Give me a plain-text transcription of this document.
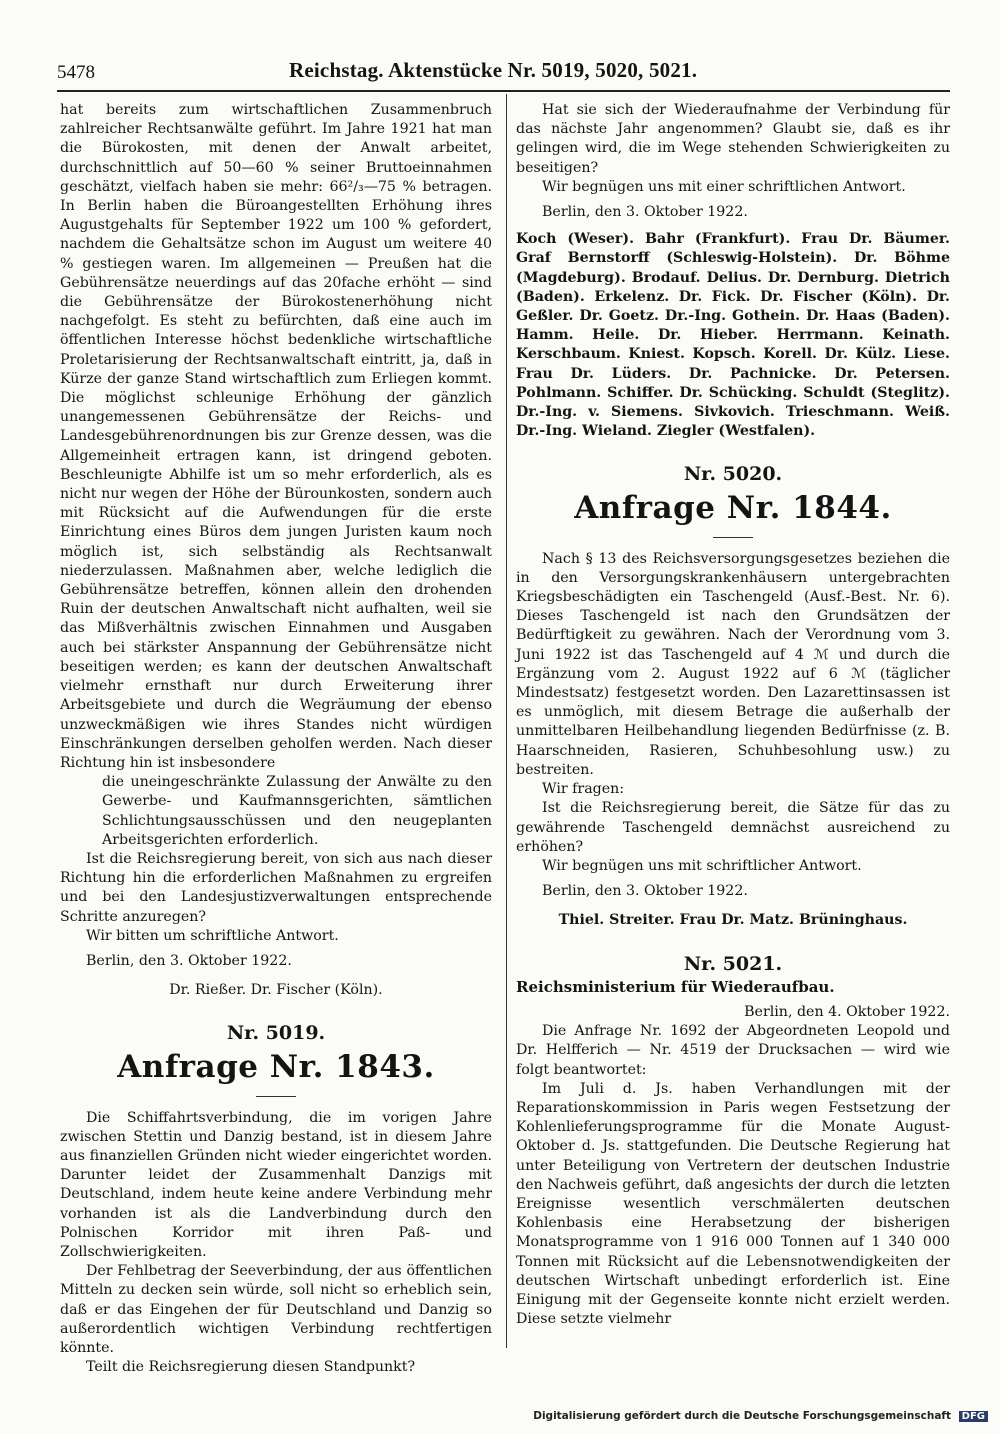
5478	Reichstag. Aktenstücke Nr. 5019, 5020, 5021.

hat bereits zum wirtschaftlichen Zusammenbruch zahlreicher Rechtsanwälte geführt. Im Jahre 1921 hat man die Bürokosten, mit denen der Anwalt arbeitet, durchschnittlich auf 50—60 % seiner Bruttoeinnahmen geschätzt, vielfach haben sie mehr: 66²/₃—75 % betragen. In Berlin haben die Büroangestellten Erhöhung ihres Augustgehalts für September 1922 um 100 % gefordert, nachdem die Gehaltsätze schon im August um weitere 40 % gestiegen waren. Im allgemeinen — Preußen hat die Gebührensätze neuerdings auf das 20fache erhöht — sind die Gebührensätze der Bürokostenerhöhung nicht nachgefolgt. Es steht zu befürchten, daß eine auch im öffentlichen Interesse höchst bedenkliche wirtschaftliche Proletarisierung der Rechtsanwaltschaft eintritt, ja, daß in Kürze der ganze Stand wirtschaftlich zum Erliegen kommt. Die möglichst schleunige Erhöhung der gänzlich unangemessenen Gebührensätze der Reichs- und Landesgebührenordnungen bis zur Grenze dessen, was die Allgemeinheit ertragen kann, ist dringend geboten. Beschleunigte Abhilfe ist um so mehr erforderlich, als es nicht nur wegen der Höhe der Bürounkosten, sondern auch mit Rücksicht auf die Aufwendungen für die erste Einrichtung eines Büros dem jungen Juristen kaum noch möglich ist, sich selbständig als Rechtsanwalt niederzulassen. Maßnahmen aber, welche lediglich die Gebührensätze betreffen, können allein den drohenden Ruin der deutschen Anwaltschaft nicht aufhalten, weil sie das Mißverhältnis zwischen Einnahmen und Ausgaben auch bei stärkster Anspannung der Gebührensätze nicht beseitigen werden; es kann der deutschen Anwaltschaft vielmehr ernsthaft nur durch Erweiterung ihrer Arbeitsgebiete und durch die Wegräumung der ebenso unzweckmäßigen wie ihres Standes nicht würdigen Einschränkungen derselben geholfen werden. Nach dieser Richtung hin ist insbesondere

die uneingeschränkte Zulassung der Anwälte zu den Gewerbe- und Kaufmannsgerichten, sämtlichen Schlichtungsausschüssen und den neugeplanten Arbeitsgerichten erforderlich.

Ist die Reichsregierung bereit, von sich aus nach dieser Richtung hin die erforderlichen Maßnahmen zu ergreifen und bei den Landesjustizverwaltungen entsprechende Schritte anzuregen?

Wir bitten um schriftliche Antwort.

Berlin, den 3. Oktober 1922.

Dr. Rießer. Dr. Fischer (Köln).

Nr. 5019.
Anfrage Nr. 1843.

Die Schiffahrtsverbindung, die im vorigen Jahre zwischen Stettin und Danzig bestand, ist in diesem Jahre aus finanziellen Gründen nicht wieder eingerichtet worden. Darunter leidet der Zusammenhalt Danzigs mit Deutschland, indem heute keine andere Verbindung mehr vorhanden ist als die Landverbindung durch den Polnischen Korridor mit ihren Paß- und Zollschwierigkeiten.

Der Fehlbetrag der Seeverbindung, der aus öffentlichen Mitteln zu decken sein würde, soll nicht so erheblich sein, daß er das Eingehen der für Deutschland und Danzig so außerordentlich wichtigen Verbindung rechtfertigen könnte.

Teilt die Reichsregierung diesen Standpunkt?

Hat sie sich der Wiederaufnahme der Verbindung für das nächste Jahr angenommen? Glaubt sie, daß es ihr gelingen wird, die im Wege stehenden Schwierigkeiten zu beseitigen?

Wir begnügen uns mit einer schriftlichen Antwort.

Berlin, den 3. Oktober 1922.

Koch (Weser). Bahr (Frankfurt). Frau Dr. Bäumer. Graf Bernstorff (Schleswig-Holstein). Dr. Böhme (Magdeburg). Brodauf. Delius. Dr. Dernburg. Dietrich (Baden). Erkelenz. Dr. Fick. Dr. Fischer (Köln). Dr. Geßler. Dr. Goetz. Dr.-Ing. Gothein. Dr. Haas (Baden). Hamm. Heile. Dr. Hieber. Herrmann. Keinath. Kerschbaum. Kniest. Kopsch. Korell. Dr. Külz. Liese. Frau Dr. Lüders. Dr. Pachnicke. Dr. Petersen. Pohlmann. Schiffer. Dr. Schücking. Schuldt (Steglitz). Dr.-Ing. v. Siemens. Sivkovich. Trieschmann. Weiß. Dr.-Ing. Wieland. Ziegler (Westfalen).

Nr. 5020.
Anfrage Nr. 1844.

Nach § 13 des Reichsversorgungsgesetzes beziehen die in den Versorgungskrankenhäusern untergebrachten Kriegsbeschädigten ein Taschengeld (Ausf.-Best. Nr. 6). Dieses Taschengeld ist nach den Grundsätzen der Bedürftigkeit zu gewähren. Nach der Verordnung vom 3. Juni 1922 ist das Taschengeld auf 4 ℳ und durch die Ergänzung vom 2. August 1922 auf 6 ℳ (täglicher Mindestsatz) festgesetzt worden. Den Lazarettinsassen ist es unmöglich, mit diesem Betrage die außerhalb der unmittelbaren Heilbehandlung liegenden Bedürfnisse (z. B. Haarschneiden, Rasieren, Schuhbesohlung usw.) zu bestreiten.

Wir fragen:

Ist die Reichsregierung bereit, die Sätze für das zu gewährende Taschengeld demnächst ausreichend zu erhöhen?

Wir begnügen uns mit schriftlicher Antwort.

Berlin, den 3. Oktober 1922.

Thiel. Streiter. Frau Dr. Matz. Brüninghaus.

Nr. 5021.
Reichsministerium für Wiederaufbau.

Berlin, den 4. Oktober 1922.

Die Anfrage Nr. 1692 der Abgeordneten Leopold und Dr. Helfferich — Nr. 4519 der Drucksachen — wird wie folgt beantwortet:

Im Juli d. Js. haben Verhandlungen mit der Reparationskommission in Paris wegen Festsetzung der Kohlenlieferungsprogramme für die Monate August-Oktober d. Js. stattgefunden. Die Deutsche Regierung hat unter Beteiligung von Vertretern der deutschen Industrie den Nachweis geführt, daß angesichts der durch die letzten Ereignisse wesentlich verschmälerten deutschen Kohlenbasis eine Herabsetzung der bisherigen Monatsprogramme von 1 916 000 Tonnen auf 1 340 000 Tonnen mit Rücksicht auf die Lebensnotwendigkeiten der deutschen Wirtschaft unbedingt erforderlich ist. Eine Einigung mit der Gegenseite konnte nicht erzielt werden. Diese setzte vielmehr

Digitalisierung gefördert durch die Deutsche Forschungsgemeinschaft DFG
